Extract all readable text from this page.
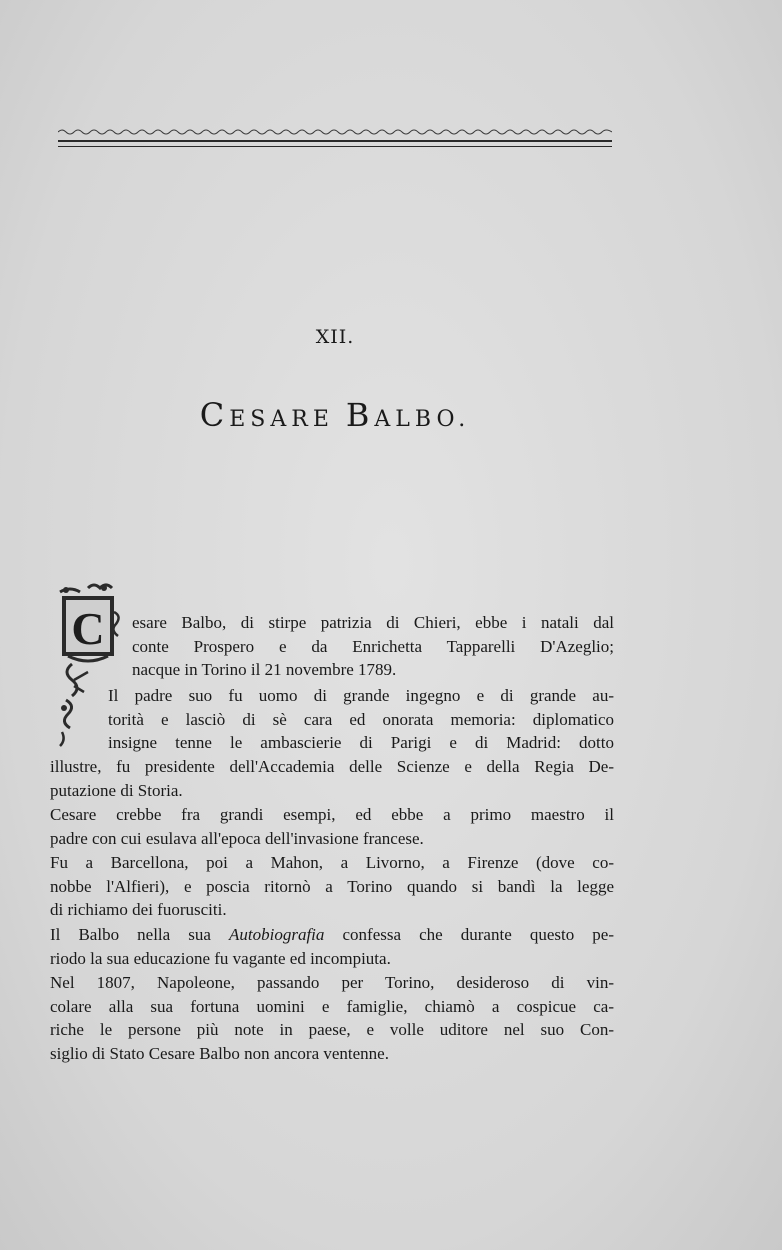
XII.
CESARE BALBO.
C esare Balbo, di stirpe patrizia di Chieri, ebbe i natali dal
conte Prospero e da Enrichetta Tapparelli D'Azeglio;
nacque in Torino il 21 novembre 1789.
Il padre suo fu uomo di grande ingegno e di grande au-
torità e lasciò di sè cara ed onorata memoria: diplomatico
insigne tenne le ambascierie di Parigi e di Madrid: dotto
illustre, fu presidente dell'Accademia delle Scienze e della Regia De-
putazione di Storia.
Cesare crebbe fra grandi esempi, ed ebbe a primo maestro il
padre con cui esulava all'epoca dell'invasione francese.
Fu a Barcellona, poi a Mahon, a Livorno, a Firenze (dove co-
nobbe l'Alfieri), e poscia ritornò a Torino quando si bandì la legge
di richiamo dei fuorusciti.
Il Balbo nella sua Autobiografia confessa che durante questo pe-
riodo la sua educazione fu vagante ed incompiuta.
Nel 1807, Napoleone, passando per Torino, desideroso di vin-
colare alla sua fortuna uomini e famiglie, chiamò a cospicue ca-
riche le persone più note in paese, e volle uditore nel suo Con-
siglio di Stato Cesare Balbo non ancora ventenne.
